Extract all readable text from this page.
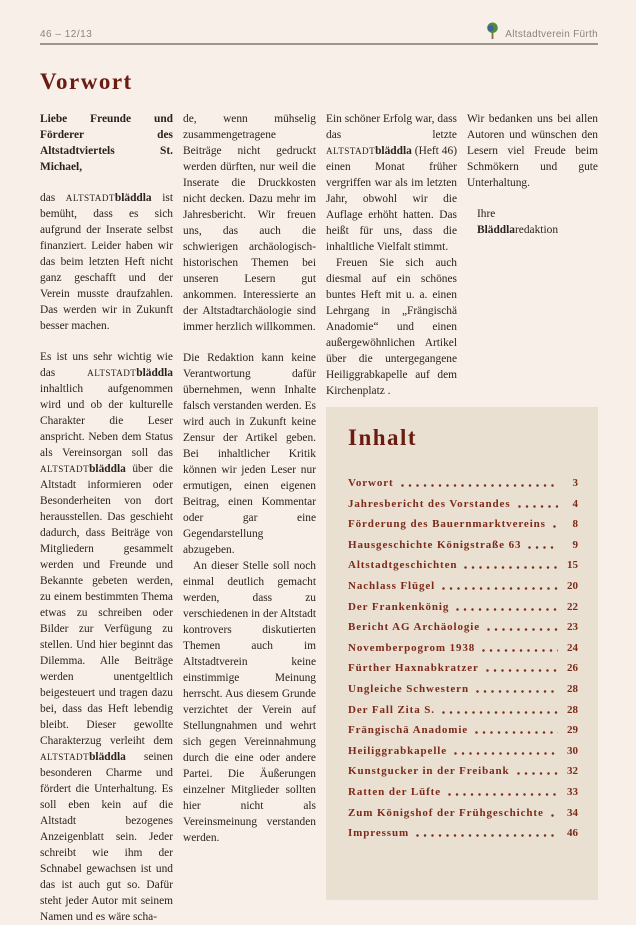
46 – 12/13	Altstadtverein Fürth
Vorwort

Liebe Freunde und Förderer des Altstadtviertels St. Michael,

das ALTSTADTbläddla ist bemüht, dass es sich aufgrund der Inserate selbst finanziert. Leider haben wir das beim letzten Heft nicht ganz geschafft und der Verein musste draufzahlen. Das werden wir in Zukunft besser machen.

Es ist uns sehr wichtig wie das ALTSTADTbläddla inhaltlich aufgenommen wird und ob der kulturelle Charakter die Leser anspricht. Neben dem Status als Vereinsorgan soll das ALTSTADTbläddla über die Altstadt informieren oder Besonderheiten von dort herausstellen. Das geschieht dadurch, dass Beiträge von Mitgliedern gesammelt werden und Freunde und Bekannte gebeten werden, zu einem bestimmten Thema etwas zu schreiben oder Bilder zur Verfügung zu stellen. Und hier beginnt das Dilemma. Alle Beiträge werden unentgeltlich beigesteuert und tragen dazu bei, dass das Heft lebendig bleibt. Dieser gewollte Charakterzug verleiht dem ALTSTADTbläddla seinen besonderen Charme und fördert die Unterhaltung. Es soll eben kein auf die Altstadt bezogenes Anzeigenblatt sein. Jeder schreibt wie ihm der Schnabel gewachsen ist und das ist auch gut so. Dafür steht jeder Autor mit seinem Namen und es wäre scha-

de, wenn mühselig zusammengetragene Beiträge nicht gedruckt werden dürften, nur weil die Inserate die Druckkosten nicht decken. Dazu mehr im Jahresbericht. Wir freuen uns, das auch die schwierigen archäologisch-historischen Themen bei unseren Lesern gut ankommen. Interessierte an der Altstadtarchäologie sind immer herzlich willkommen.

Die Redaktion kann keine Verantwortung dafür übernehmen, wenn Inhalte falsch verstanden werden. Es wird auch in Zukunft keine Zensur der Artikel geben. Bei inhaltlicher Kritik können wir jeden Leser nur ermutigen, einen eigenen Beitrag, einen Kommentar oder gar eine Gegendarstellung abzugeben.

An dieser Stelle soll noch einmal deutlich gemacht werden, dass zu verschiedenen in der Altstadt kontrovers diskutierten Themen auch im Altstadtverein keine einstimmige Meinung herrscht. Aus diesem Grunde verzichtet der Verein auf Stellungnahmen und wehrt sich gegen Vereinnahmung durch die eine oder andere Partei. Die Äußerungen einzelner Mitglieder sollten hier nicht als Vereinsmeinung verstanden werden.

Ein schöner Erfolg war, dass das letzte ALTSTADTbläddla (Heft 46) einen Monat früher vergriffen war als im letzten Jahr, obwohl wir die Auflage erhöht hatten. Das heißt für uns, dass die inhaltliche Vielfalt stimmt.

Freuen Sie sich auch diesmal auf ein schönes buntes Heft mit u. a. einen Lehrgang in „Frängischä Anadomie“ und einen außergewöhnlichen Artikel über die untergegangene Heiliggrabkapelle auf dem Kirchenplatz .

Wir bedanken uns bei allen Autoren und wünschen den Lesern viel Freude beim Schmökern und gute Unterhaltung.

Ihre

Bläddlaredaktion

Inhalt
Vorwort	3
Jahresbericht des Vorstandes	4
Förderung des Bauernmarktvereins	8
Hausgeschichte Königstraße 63	9
Altstadtgeschichten	15
Nachlass Flügel	20
Der Frankenkönig	22
Bericht AG Archäologie	23
Novemberpogrom 1938	24
Fürther Haxnabkratzer	26
Ungleiche Schwestern	28
Der Fall Zita S.	28
Frängischä Anadomie	29
Heiliggrabkapelle	30
Kunstgucker in der Freibank	32
Ratten der Lüfte	33
Zum Königshof der Frühgeschichte	34
Impressum	46
